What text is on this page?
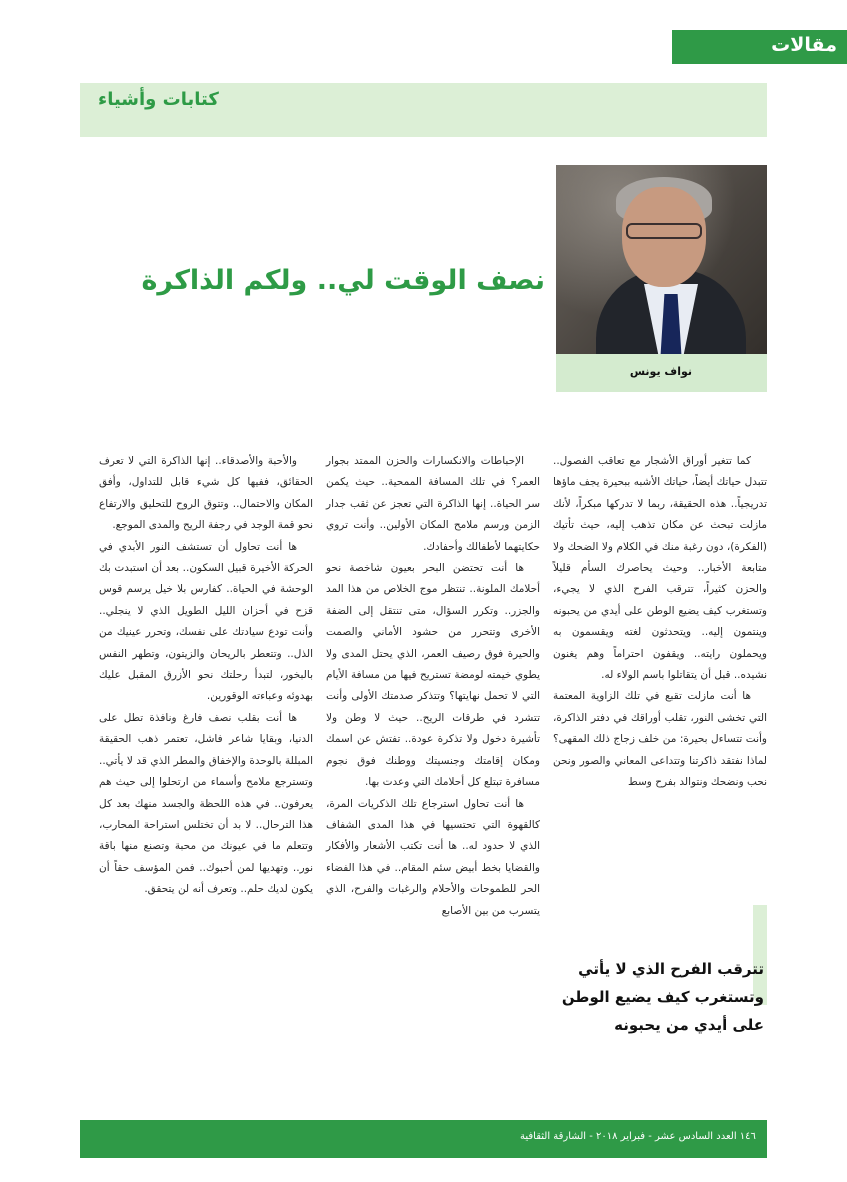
مقالات
كتابات وأشياء
نواف يونس
نصف الوقت لي.. ولكم الذاكرة

كما تتغير أوراق الأشجار مع تعاقب الفصول.. تتبدل حياتك أيضاً، حياتك الأشبه ببحيرة يجف ماؤها تدريجياً.. هذه الحقيقة، ربما لا تدركها مبكراً، لأنك مازلت تبحث عن مكان تذهب إليه، حيث تأتيك (الفكرة)، دون رغبة منك في الكلام ولا الضحك ولا متابعة الأخبار.. وحيث يحاصرك السأم قليلاً والحزن كثيراً، تترقب الفرح الذي لا يجيء، وتستغرب كيف يضيع الوطن على أيدي من يحبونه وينتمون إليه.. ويتحدثون لغته ويقسمون به ويحملون رايته.. ويقفون احتراماً وهم يغنون نشيده.. قبل أن يتقاتلوا باسم الولاء له.

ها أنت مازلت تقبع في تلك الزاوية المعتمة التي تخشى النور، تقلب أوراقك في دفتر الذاكرة، وأنت تتساءل بحيرة: من خلف زجاج ذلك المقهى؟ لماذا نفتقد ذاكرتنا وتتداعى المعاني والصور ونحن نحب ونضحك ونتوالد بفرح وسط

الإحباطات والانكسارات والحزن الممتد بجوار العمر؟ في تلك المسافة الممحية.. حيث يكمن سر الحياة.. إنها الذاكرة التي تعجز عن ثقب جدار الزمن ورسم ملامح المكان الأولين.. وأنت تروي حكايتهما لأطفالك وأحفادك.

ها أنت تحتضن البحر بعيون شاخصة نحو أحلامك الملونة.. تنتظر موج الخلاص من هذا المد والجزر.. وتكرر السؤال، متى تنتقل إلى الضفة الأخرى وتتحرر من حشود الأماني والصمت والحيرة فوق رصيف العمر، الذي يحتل المدى ولا يطوي خيمته لومضة تستريح فيها من مسافة الأيام التي لا تحمل نهايتها؟ وتتذكر صدمتك الأولى وأنت تتشرد في طرقات الريح.. حيث لا وطن ولا تأشيرة دخول ولا تذكرة عودة.. تفتش عن اسمك ومكان إقامتك وجنسيتك ووطنك فوق نجوم مسافرة تبتلع كل أحلامك التي وعدت بها.

ها أنت تحاول استرجاع تلك الذكريات المرة، كالقهوة التي تحتسيها في هذا المدى الشفاف الذي لا حدود له.. ها أنت تكتب الأشعار والأفكار والقضايا بخط أبيض سئم المقام.. في هذا الفضاء الحر للطموحات والأحلام والرغبات والفرح، الذي يتسرب من بين الأصابع

والأحبة والأصدقاء.. إنها الذاكرة التي لا تعرف الحقائق، ففيها كل شيء قابل للتداول، وأفق المكان والاحتمال.. وتتوق الروح للتحليق والارتفاع نحو قمة الوجد في رجفة الريح والمدى الموجع.

ها أنت تحاول أن تستشف النور الأبدي في الحركة الأخيرة قبيل السكون.. بعد أن استبدت بك الوحشة في الحياة.. كفارس بلا خيل يرسم قوس قزح في أحزان الليل الطويل الذي لا ينجلي.. وأنت تودع سيادتك على نفسك، وتحرر عينيك من الذل.. وتتعطر بالريحان والزيتون، وتطهر النفس بالبخور، لتبدأ رحلتك نحو الأزرق المقبل عليك بهدوئه وعباءته الوقورين.

ها أنت بقلب نصف فارغ ونافذة تطل على الدنيا، وبقايا شاعر فاشل، تعتمر ذهب الحقيقة المبللة بالوحدة والإخفاق والمطر الذي قد لا يأتي.. وتسترجع ملامح وأسماء من ارتحلوا إلى حيث هم يعرفون.. في هذه اللحظة والجسد منهك بعد كل هذا الترحال.. لا بد أن تختلس استراحة المحارب، وتتعلم ما في عيونك من محبة وتصنع منها باقة نور.. وتهديها لمن أحبوك.. فمن المؤسف حقاً أن يكون لديك حلم.. وتعرف أنه لن يتحقق.

تترقب الفرح الذي لا يأتي وتستغرب كيف يضيع الوطن على أيدي من يحبونه
١٤٦ العدد السادس عشر - فبراير ٢٠١٨ - الشارقة الثقافية
